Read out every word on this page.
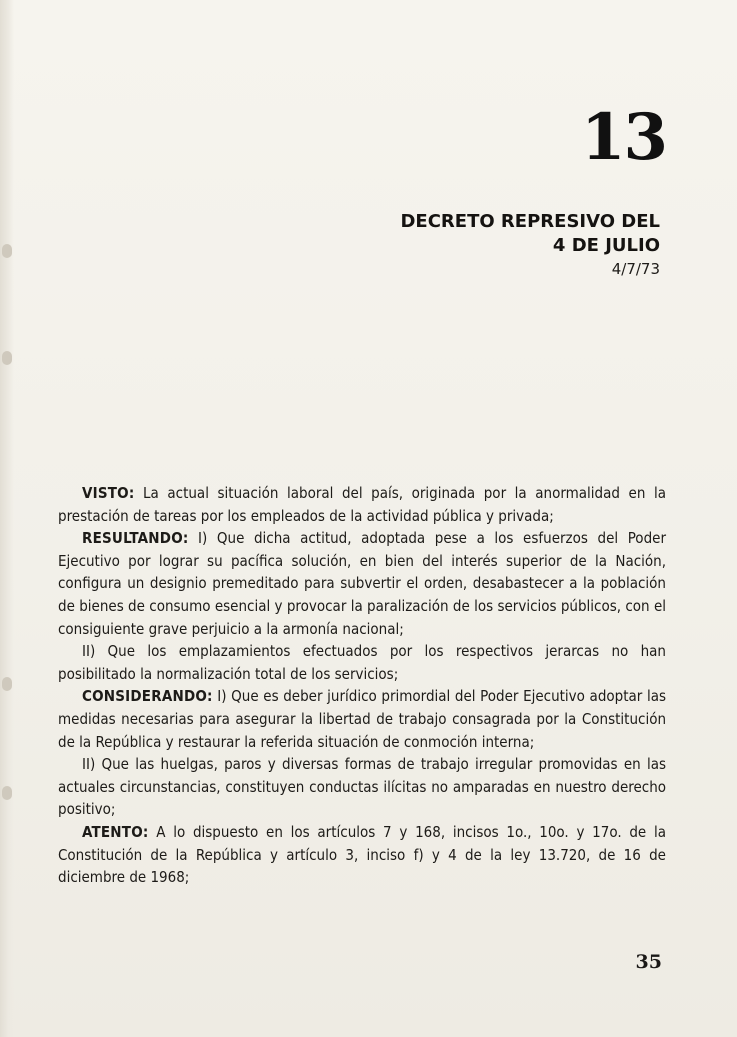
13
DECRETO REPRESIVO DEL
4 DE JULIO
4/7/73

VISTO: La actual situación laboral del país, originada por la anormalidad en la prestación de tareas por los empleados de la actividad pública y privada;

RESULTANDO: I) Que dicha actitud, adoptada pese a los esfuerzos del Poder Ejecutivo por lograr su pacífica solución, en bien del interés superior de la Nación, configura un designio premeditado para subvertir el orden, desabastecer a la población de bienes de consumo esencial y provocar la paralización de los servicios públicos, con el consiguiente grave perjuicio a la armonía nacional;

II) Que los emplazamientos efectuados por los respectivos jerarcas no han posibilitado la normalización total de los servicios;

CONSIDERANDO: I) Que es deber jurídico primordial del Poder Ejecutivo adoptar las medidas necesarias para asegurar la libertad de trabajo consagrada por la Constitución de la República y restaurar la referida situación de conmoción interna;

II) Que las huelgas, paros y diversas formas de trabajo irregular promovidas en las actuales circunstancias, constituyen conductas ilícitas no amparadas en nuestro derecho positivo;

ATENTO: A lo dispuesto en los artículos 7 y 168, incisos 1o., 10o. y 17o. de la Constitución de la República y artículo 3, inciso f) y 4 de la ley 13.720, de 16 de diciembre de 1968;

35
